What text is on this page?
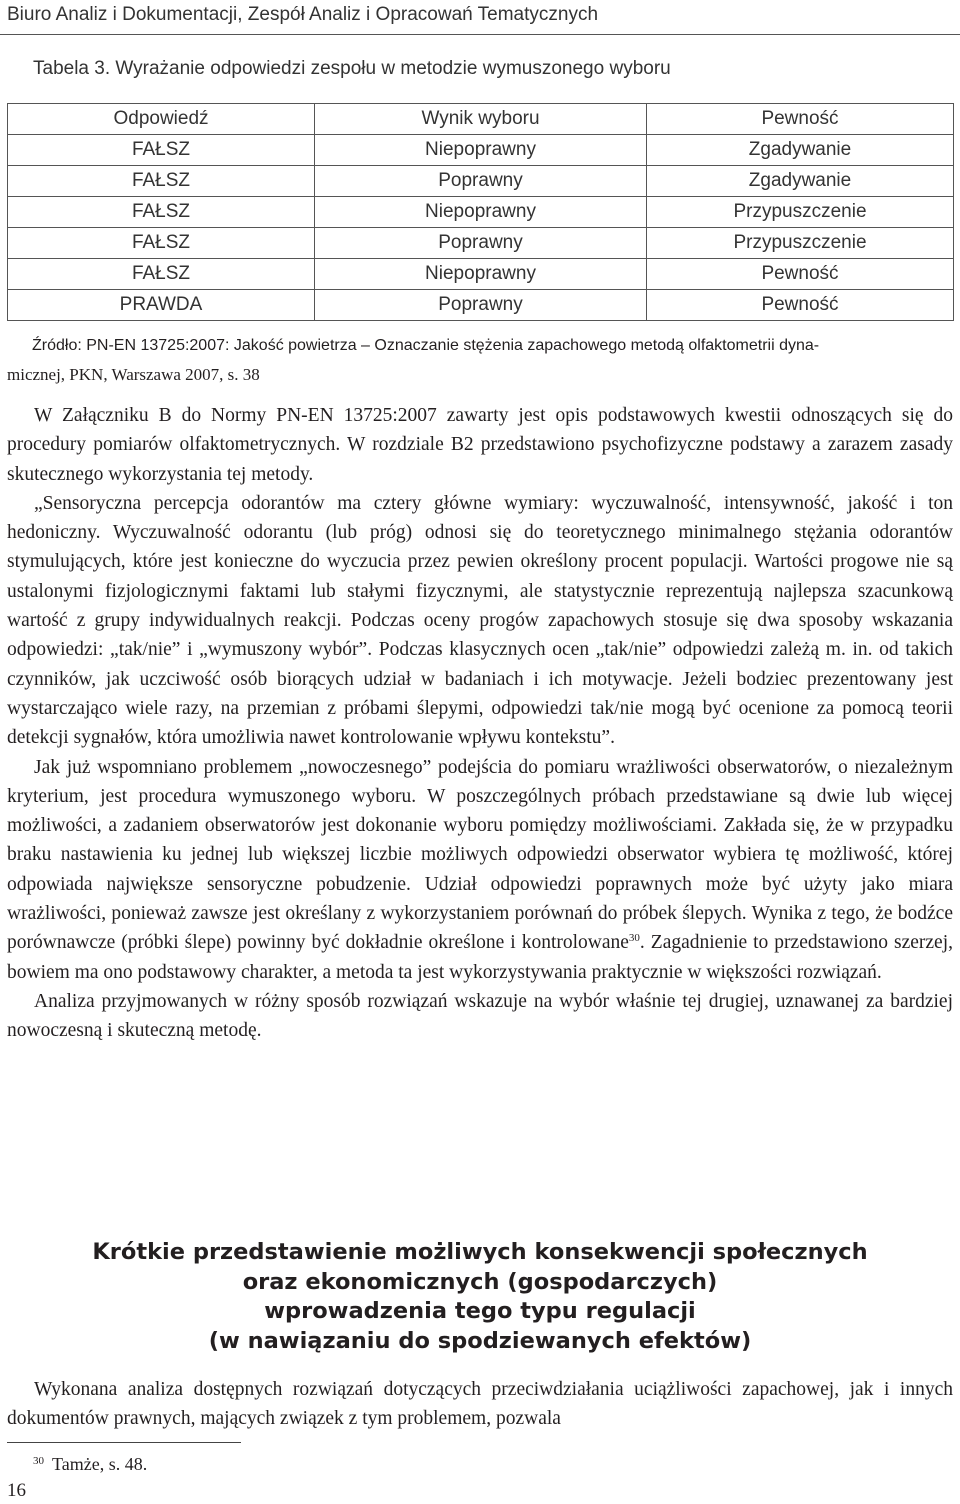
Biuro Analiz i Dokumentacji, Zespół Analiz i Opracowań Tematycznych
Tabela 3. Wyrażanie odpowiedzi zespołu w metodzie wymuszonego wyboru
Odpowiedź	Wynik wyboru	Pewność
FAŁSZ	Niepoprawny	Zgadywanie
FAŁSZ	Poprawny	Zgadywanie
FAŁSZ	Niepoprawny	Przypuszczenie
FAŁSZ	Poprawny	Przypuszczenie
FAŁSZ	Niepoprawny	Pewność
PRAWDA	Poprawny	Pewność

Źródło: PN-EN 13725:2007: Jakość powietrza – Oznaczanie stężenia zapachowego metodą olfaktometrii dyna-
micznej, PKN, Warszawa 2007, s. 38

W Załączniku B do Normy PN-EN 13725:2007 zawarty jest opis podstawowych kwestii odnoszących się do procedury pomiarów olfaktometrycznych. W rozdziale B2 przedstawiono psychofizyczne podstawy a zarazem zasady skutecznego wykorzystania tej metody.

„Sensoryczna percepcja odorantów ma cztery główne wymiary: wyczuwalność, intensywność, jakość i ton hedoniczny. Wyczuwalność odorantu (lub próg) odnosi się do teoretycznego minimalnego stężania odorantów stymulujących, które jest konieczne do wyczucia przez pewien określony procent populacji. Wartości progowe nie są ustalonymi fizjologicznymi faktami lub stałymi fizycznymi, ale statystycznie reprezentują najlepsza szacunkową wartość z grupy indywidualnych reakcji. Podczas oceny progów zapachowych stosuje się dwa sposoby wskazania odpowiedzi: „tak/nie” i „wymuszony wybór”. Podczas klasycznych ocen „tak/nie” odpowiedzi zależą m. in. od takich czynników, jak uczciwość osób biorących udział w badaniach i ich motywacje. Jeżeli bodziec prezentowany jest wystarczająco wiele razy, na przemian z próbami ślepymi, odpowiedzi tak/nie mogą być ocenione za pomocą teorii detekcji sygnałów, która umożliwia nawet kontrolowanie wpływu kontekstu”.

Jak już wspomniano problemem „nowoczesnego” podejścia do pomiaru wrażliwości obserwatorów, o niezależnym kryterium, jest procedura wymuszonego wyboru. W poszczególnych próbach przedstawiane są dwie lub więcej możliwości, a zadaniem obserwatorów jest dokonanie wyboru pomiędzy możliwościami. Zakłada się, że w przypadku braku nastawienia ku jednej lub większej liczbie możliwych odpowiedzi obserwator wybiera tę możliwość, której odpowiada największe sensoryczne pobudzenie. Udział odpowiedzi poprawnych może być użyty jako miara wrażliwości, ponieważ zawsze jest określany z wykorzystaniem porównań do próbek ślepych. Wynika z tego, że bodźce porównawcze (próbki ślepe) powinny być dokładnie określone i kontrolowane$^{30}$. Zagadnienie to przedstawiono szerzej, bowiem ma ono podstawowy charakter, a metoda ta jest wykorzystywania praktycznie w większości rozwiązań.

Analiza przyjmowanych w różny sposób rozwiązań wskazuje na wybór właśnie tej drugiej, uznawanej za bardziej nowoczesną i skuteczną metodę.

Krótkie przedstawienie możliwych konsekwencji społecznych
oraz ekonomicznych (gospodarczych)
wprowadzenia tego typu regulacji
(w nawiązaniu do spodziewanych efektów)

Wykonana analiza dostępnych rozwiązań dotyczących przeciwdziałania uciążliwości zapachowej, jak i innych dokumentów prawnych, mających związek z tym problemem, pozwala

$^{30}$ Tamże, s. 48.
16
